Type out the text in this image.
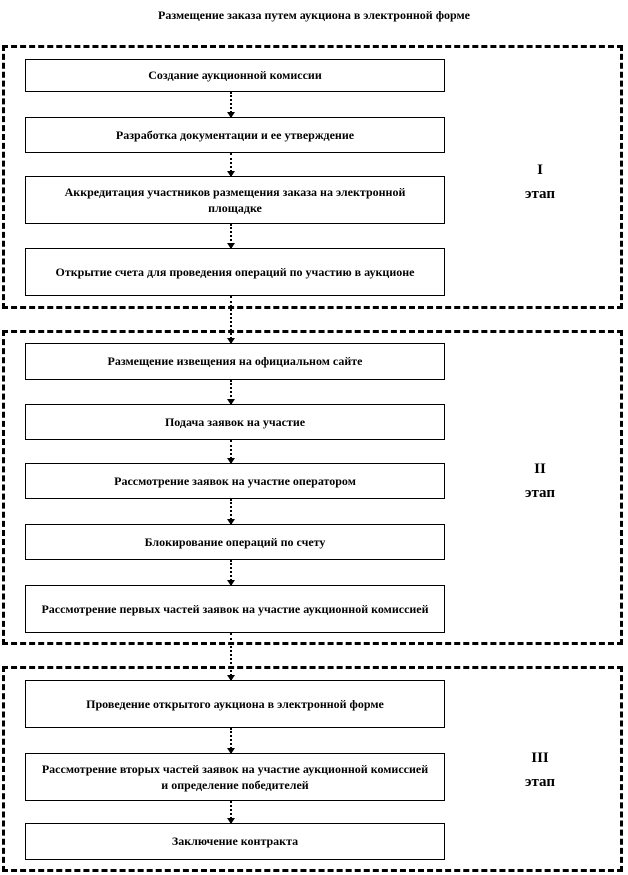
Размещение заказа путем аукциона в электронной форме
Создание аукционной комиссии
Разработка документации и ее утверждение
Аккредитация участников размещения заказа на электронной площадке
Открытие счета для проведения операций по участию в аукционе
I
этап
Размещение извещения на официальном сайте
Подача заявок на участие
Рассмотрение заявок на участие оператором
Блокирование операций по счету
Рассмотрение первых частей заявок на участие аукционной комиссией
II
этап
Проведение открытого аукциона в электронной форме
Рассмотрение вторых частей заявок на участие аукционной комиссией и определение победителей
Заключение контракта
III
этап
